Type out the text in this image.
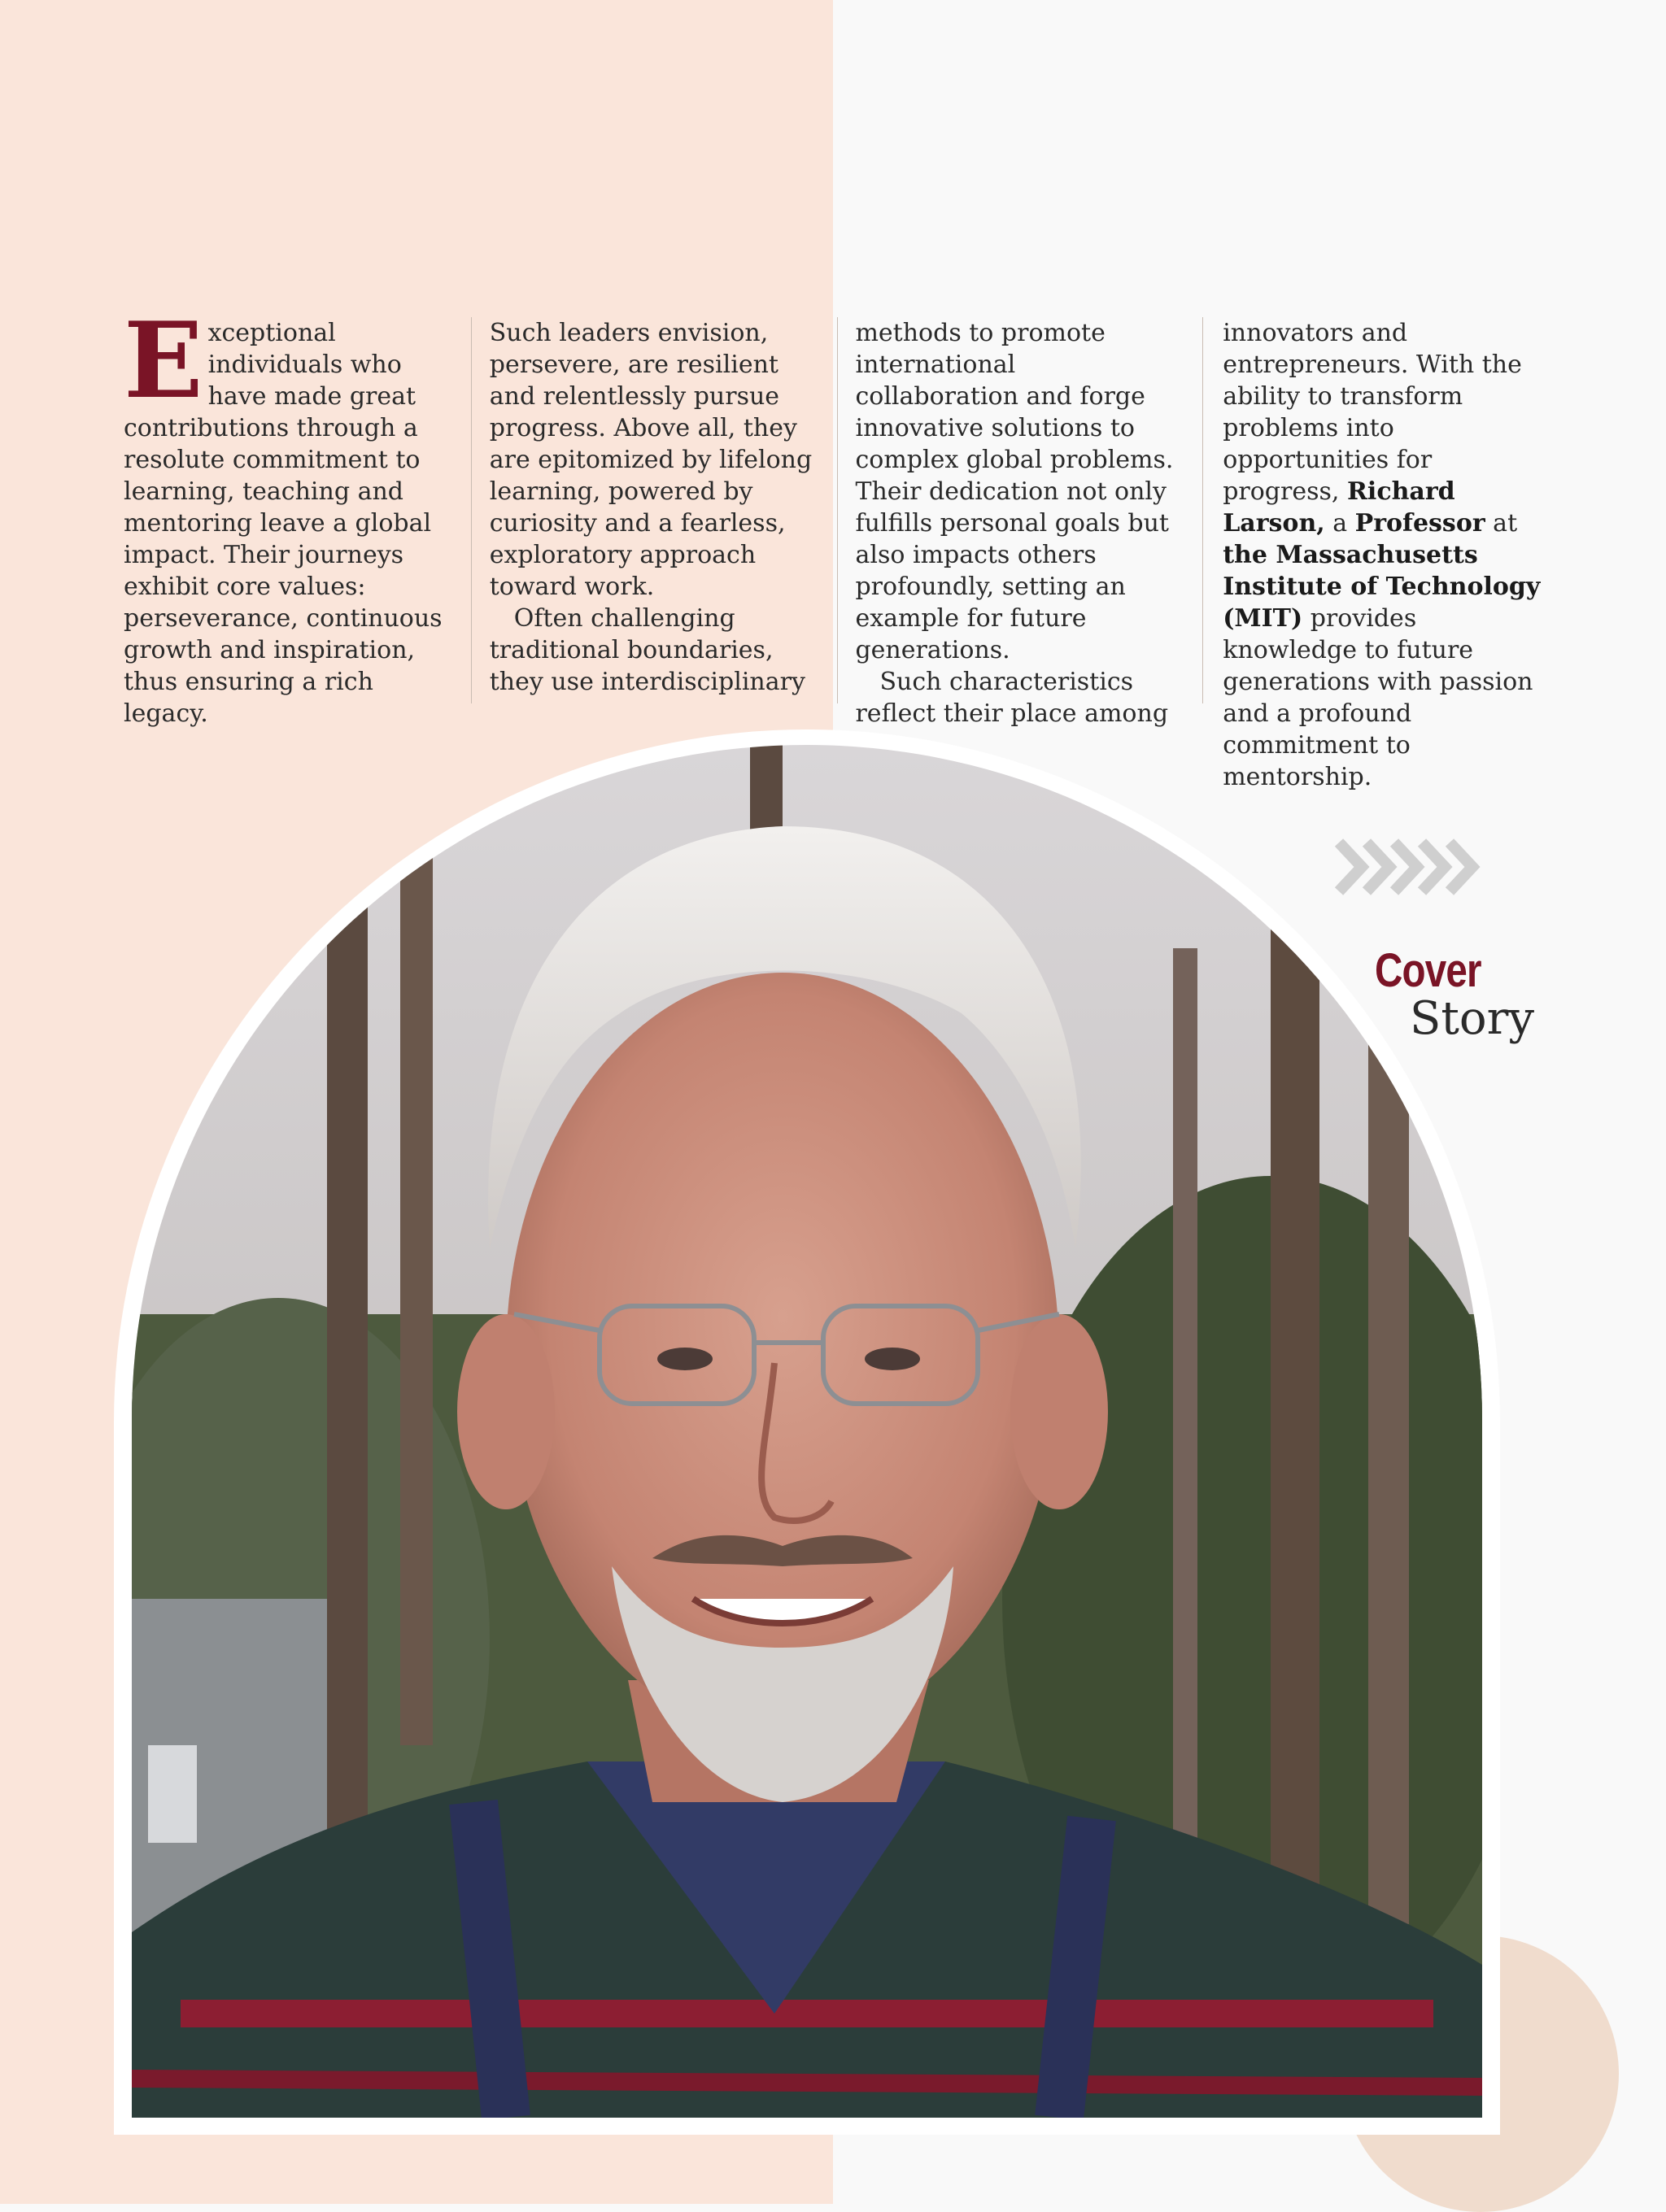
Exceptional individuals who have made great contributions through a resolute commitment to learning, teaching and mentoring leave a global impact. Their journeys exhibit core values: perseverance, continuous growth and inspiration, thus ensuring a rich legacy.

Such leaders envision, persevere, are resilient and relentlessly pursue progress. Above all, they are epitomized by lifelong learning, powered by curiosity and a fearless, exploratory approach toward work.

Often challenging traditional boundaries, they use interdisciplinary

methods to promote international collaboration and forge innovative solutions to complex global problems. Their dedication not only fulfills personal goals but also impacts others profoundly, setting an example for future generations.

Such characteristics reflect their place among

innovators and entrepreneurs. With the ability to transform problems into opportunities for progress, Richard Larson, a Professor at the Massachusetts Institute of Technology (MIT) provides knowledge to future generations with passion and a profound commitment to mentorship.

Cover
Story
